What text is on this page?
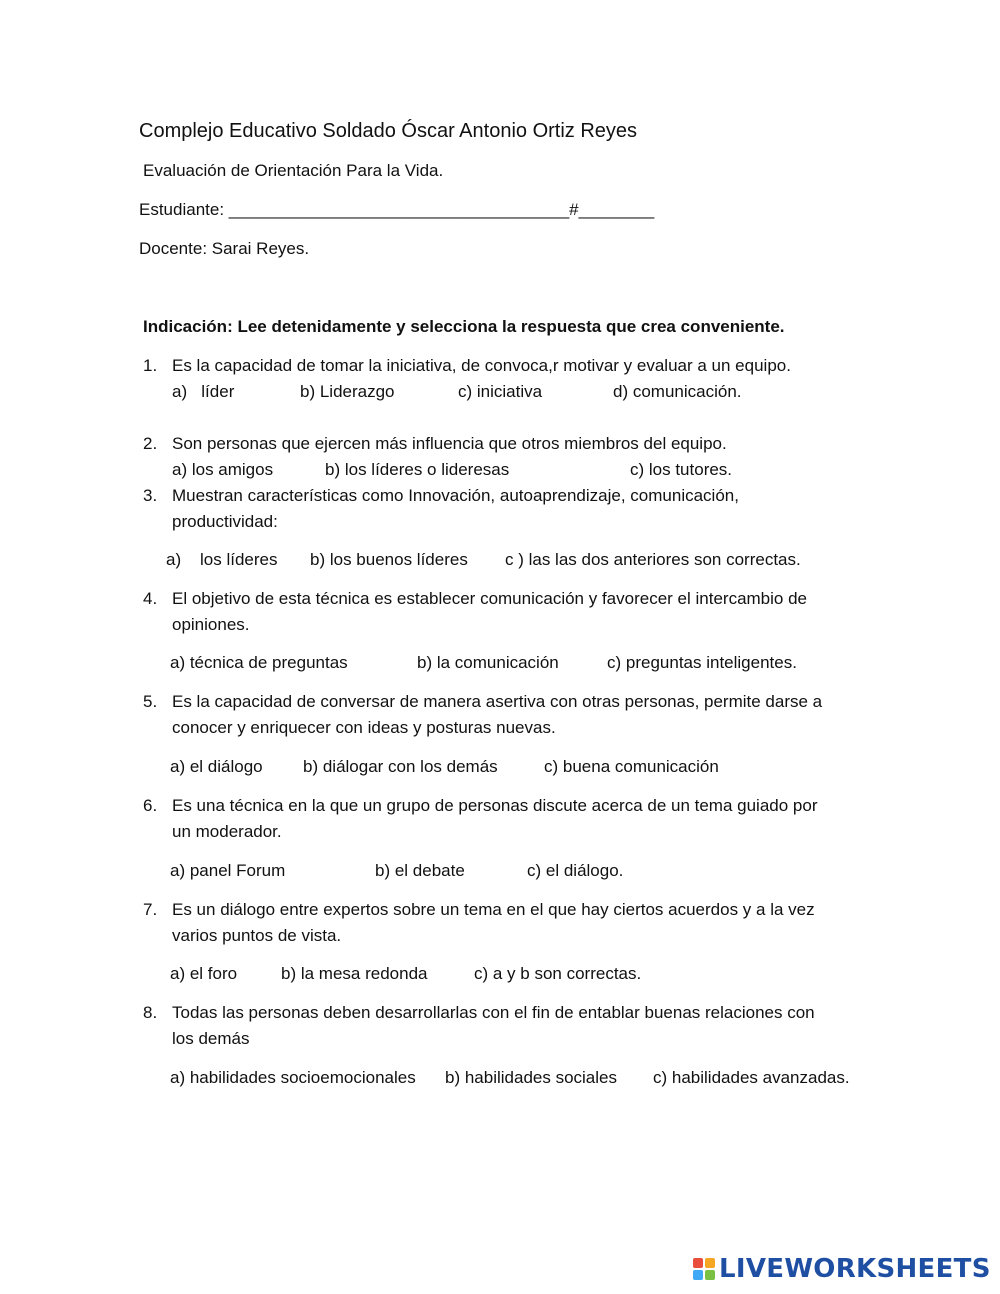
Complejo Educativo Soldado Óscar Antonio Ortiz Reyes
Evaluación de Orientación Para la Vida.
Estudiante: ____________________________________#________
Docente: Sarai Reyes.
Indicación: Lee detenidamente y selecciona la respuesta que crea conveniente.
1. Es la capacidad de tomar la iniciativa, de convoca,r motivar y evaluar a un equipo.
a)   líder	b) Liderazgo	c) iniciativa	d) comunicación.
2. Son personas que ejercen más influencia que otros miembros del equipo.
a) los amigos	b) los líderes o lideresas	c) los tutores.
3. Muestran características como Innovación, autoaprendizaje, comunicación,
productividad:
a)    los líderes b) los buenos líderes c ) las las dos anteriores son correctas.
4. El objetivo de esta técnica es establecer comunicación y favorecer el intercambio de
opiniones.
a) técnica de preguntas	b) la comunicación	c) preguntas inteligentes.
5. Es la capacidad de conversar de manera asertiva con otras personas, permite darse a
conocer y enriquecer con ideas y posturas nuevas.
a) el diálogo b) diálogar con los demás	c) buena comunicación
6. Es una técnica en la que un grupo de personas discute acerca de un tema guiado por
un moderador.
a) panel Forum	b) el debate	c) el diálogo.
7. Es un diálogo entre expertos sobre un tema en el que hay ciertos acuerdos y a la vez
varios puntos de vista.
a) el foro	b) la mesa redonda	c) a y b son correctas.
8. Todas las personas deben desarrollarlas con el fin de entablar buenas relaciones con
los demás
a) habilidades socioemocionales b) habilidades sociales c) habilidades avanzadas.
LIVEWORKSHEETS
